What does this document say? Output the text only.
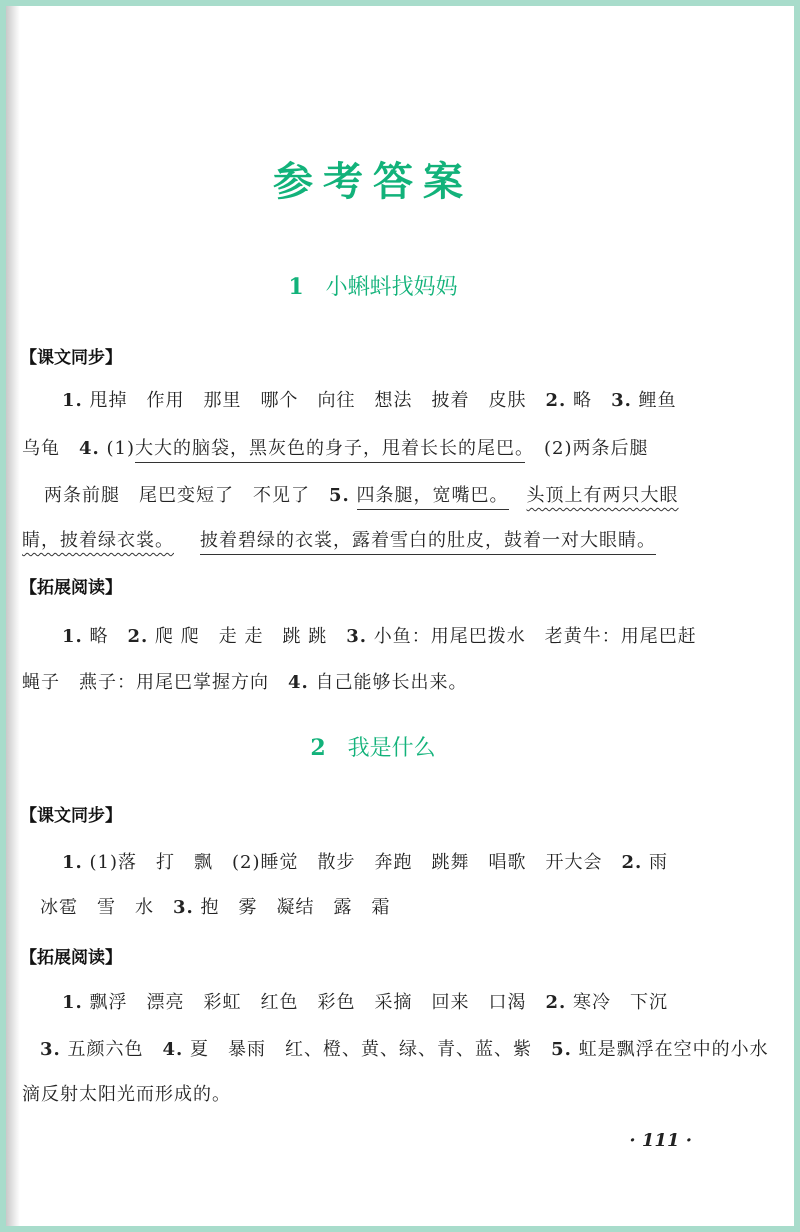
参考答案
1 小蝌蚪找妈妈
【课文同步】
1. 甩掉　作用　那里　哪个　向往　想法　披着　皮肤　2. 略　3. 鲤鱼
乌龟　4. (1)大大的脑袋，黑灰色的身子，甩着长长的尾巴。　(2)两条后腿
两条前腿　尾巴变短了　不见了　5. 四条腿，宽嘴巴。 头顶上有两只大眼
睛，披着绿衣裳。 披着碧绿的衣裳，露着雪白的肚皮，鼓着一对大眼睛。
【拓展阅读】
1. 略　2. 爬 爬　走 走　跳 跳　3. 小鱼：用尾巴拨水　老黄牛：用尾巴赶
蝇子　燕子：用尾巴掌握方向　4. 自己能够长出来。
2 我是什么
【课文同步】
1. (1)落　打　飘　(2)睡觉　散步　奔跑　跳舞　唱歌　开大会　2. 雨
冰雹　雪　水　3. 抱　雾　凝结　露　霜
【拓展阅读】
1. 飘浮　漂亮　彩虹　红色　彩色　采摘　回来　口渴　2. 寒冷　下沉
3. 五颜六色　4. 夏　暴雨　红、橙、黄、绿、青、蓝、紫　5. 虹是飘浮在空中的小水
滴反射太阳光而形成的。
· 111 ·
